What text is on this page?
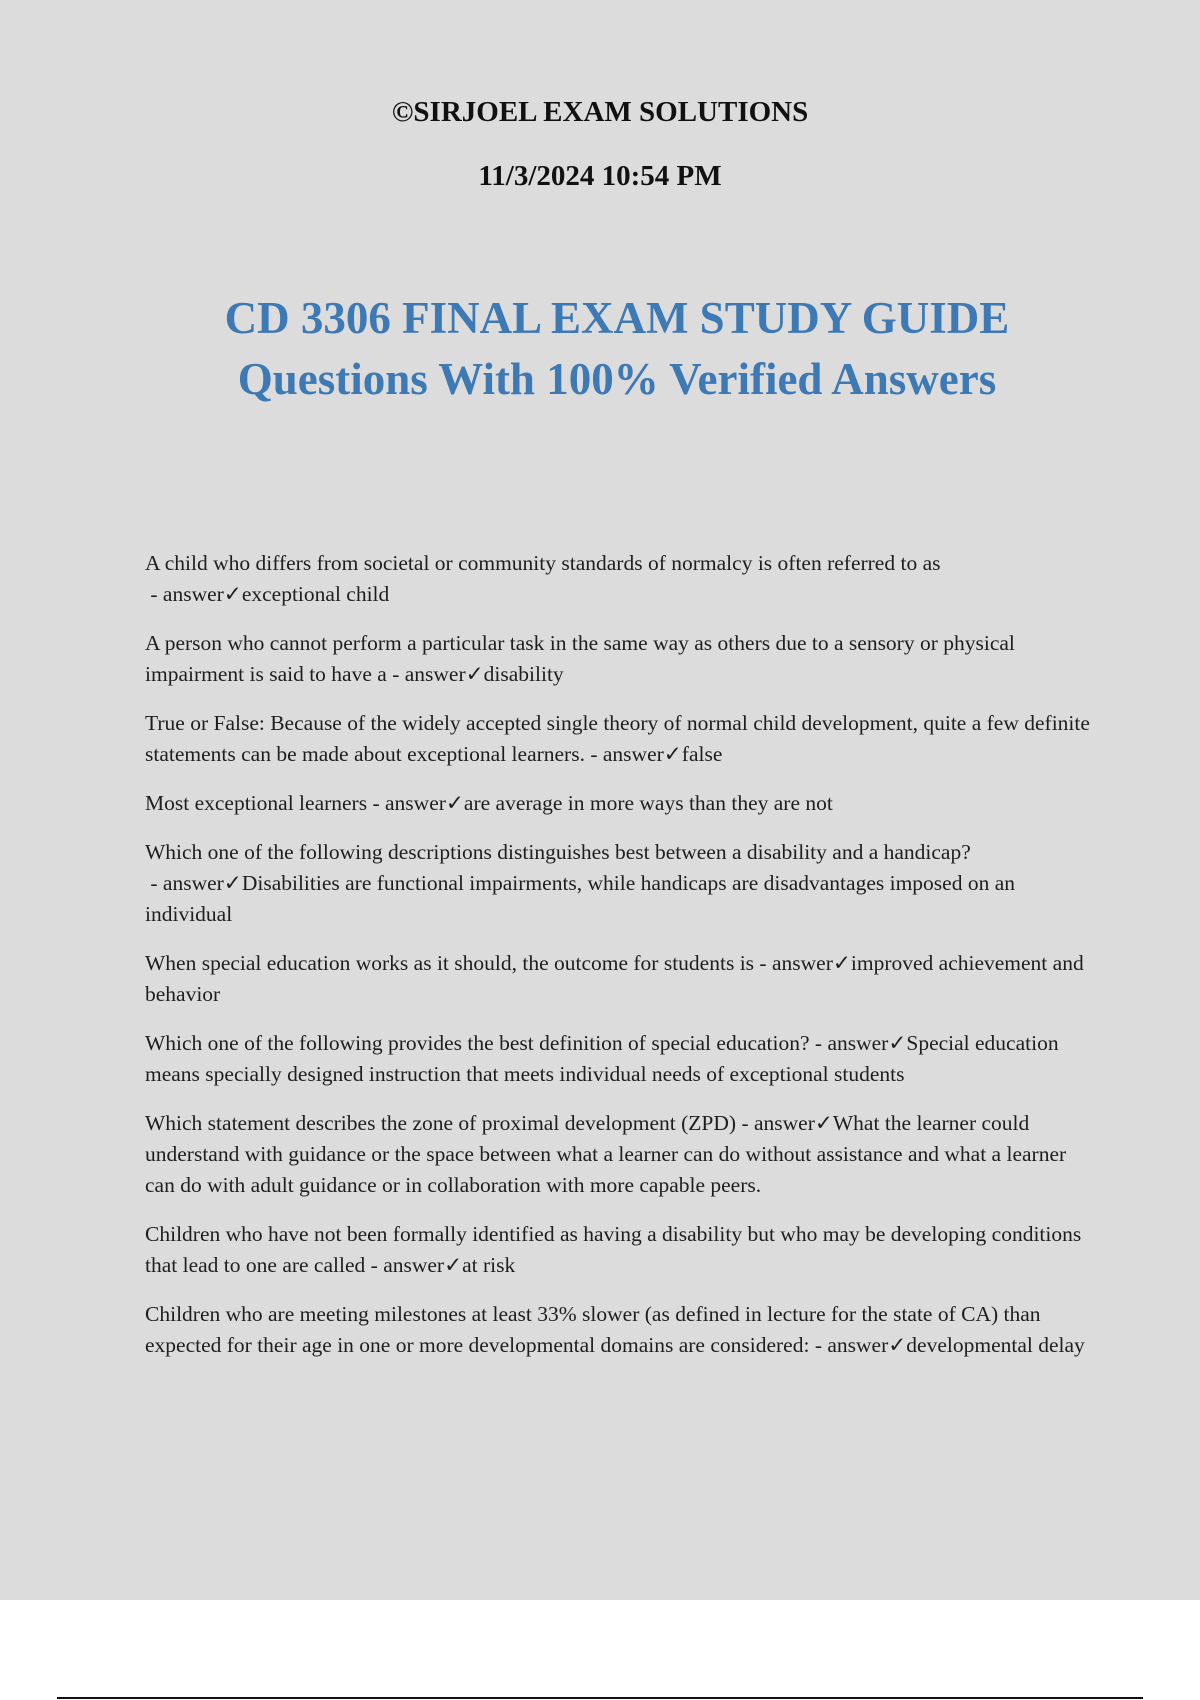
©SIRJOEL EXAM SOLUTIONS
11/3/2024 10:54 PM
CD 3306 FINAL EXAM STUDY GUIDE
Questions With 100% Verified Answers

A child who differs from societal or community standards of normalcy is often referred to as - answer✓exceptional child

A person who cannot perform a particular task in the same way as others due to a sensory or physical impairment is said to have a - answer✓disability

True or False: Because of the widely accepted single theory of normal child development, quite a few definite statements can be made about exceptional learners. - answer✓false

Most exceptional learners - answer✓are average in more ways than they are not

Which one of the following descriptions distinguishes best between a disability and a handicap? - answer✓Disabilities are functional impairments, while handicaps are disadvantages imposed on an individual

When special education works as it should, the outcome for students is - answer✓improved achievement and behavior

Which one of the following provides the best definition of special education? - answer✓Special education means specially designed instruction that meets individual needs of exceptional students

Which statement describes the zone of proximal development (ZPD) - answer✓What the learner could understand with guidance or the space between what a learner can do without assistance and what a learner can do with adult guidance or in collaboration with more capable peers.

Children who have not been formally identified as having a disability but who may be developing conditions that lead to one are called - answer✓at risk

Children who are meeting milestones at least 33% slower (as defined in lecture for the state of CA) than expected for their age in one or more developmental domains are considered: - answer✓developmental delay
